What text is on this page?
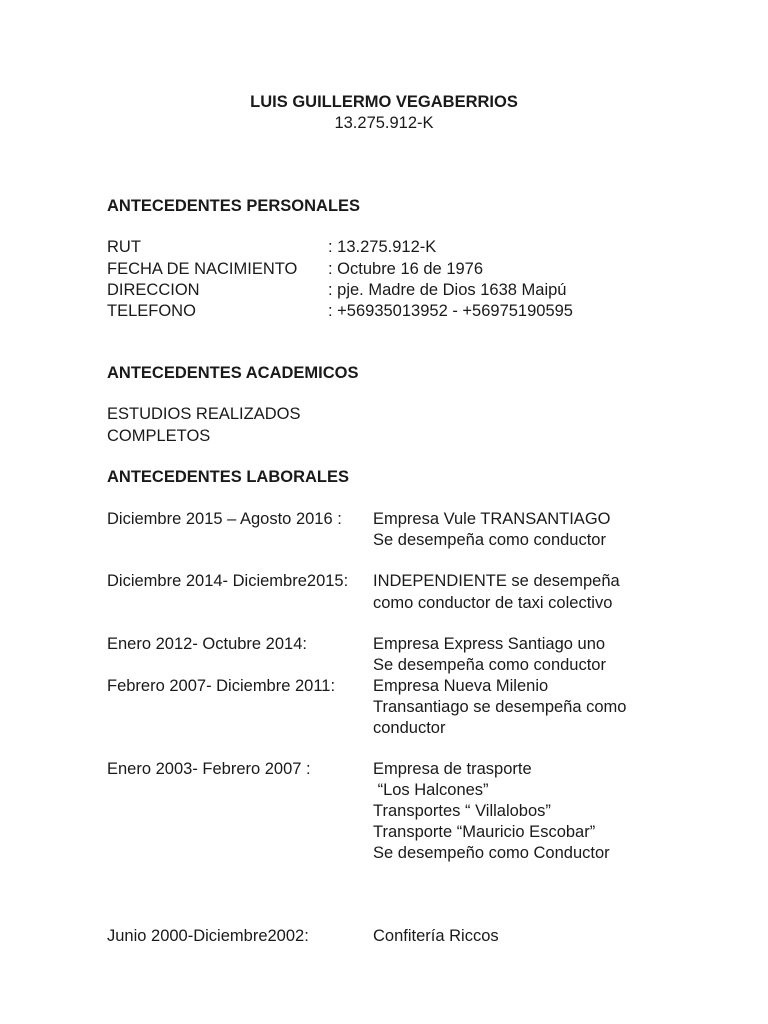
LUIS GUILLERMO VEGABERRIOS
13.275.912-K
ANTECEDENTES PERSONALES
RUT	: 13.275.912-K
FECHA DE NACIMIENTO : Octubre 16 de 1976
DIRECCION	: pje. Madre de Dios 1638 Maipú
TELEFONO	: +56935013952 - +56975190595
ANTECEDENTES ACADEMICOS
ESTUDIOS REALIZADOS
COMPLETOS
ANTECEDENTES LABORALES
Diciembre 2015 – Agosto 2016 : Empresa Vule TRANSANTIAGO
Se desempeña como conductor
Diciembre 2014- Diciembre2015: INDEPENDIENTE se desempeña
como conductor de taxi colectivo
Enero 2012- Octubre 2014:	Empresa Express Santiago uno
Se desempeña como conductor
Febrero 2007- Diciembre 2011: Empresa Nueva Milenio
Transantiago se desempeña como
conductor
Enero 2003- Febrero 2007 :	Empresa de trasporte
“Los Halcones”
Transportes “ Villalobos”
Transporte “Mauricio Escobar”
Se desempeño como Conductor
Junio 2000-Diciembre2002:	Confitería Riccos
